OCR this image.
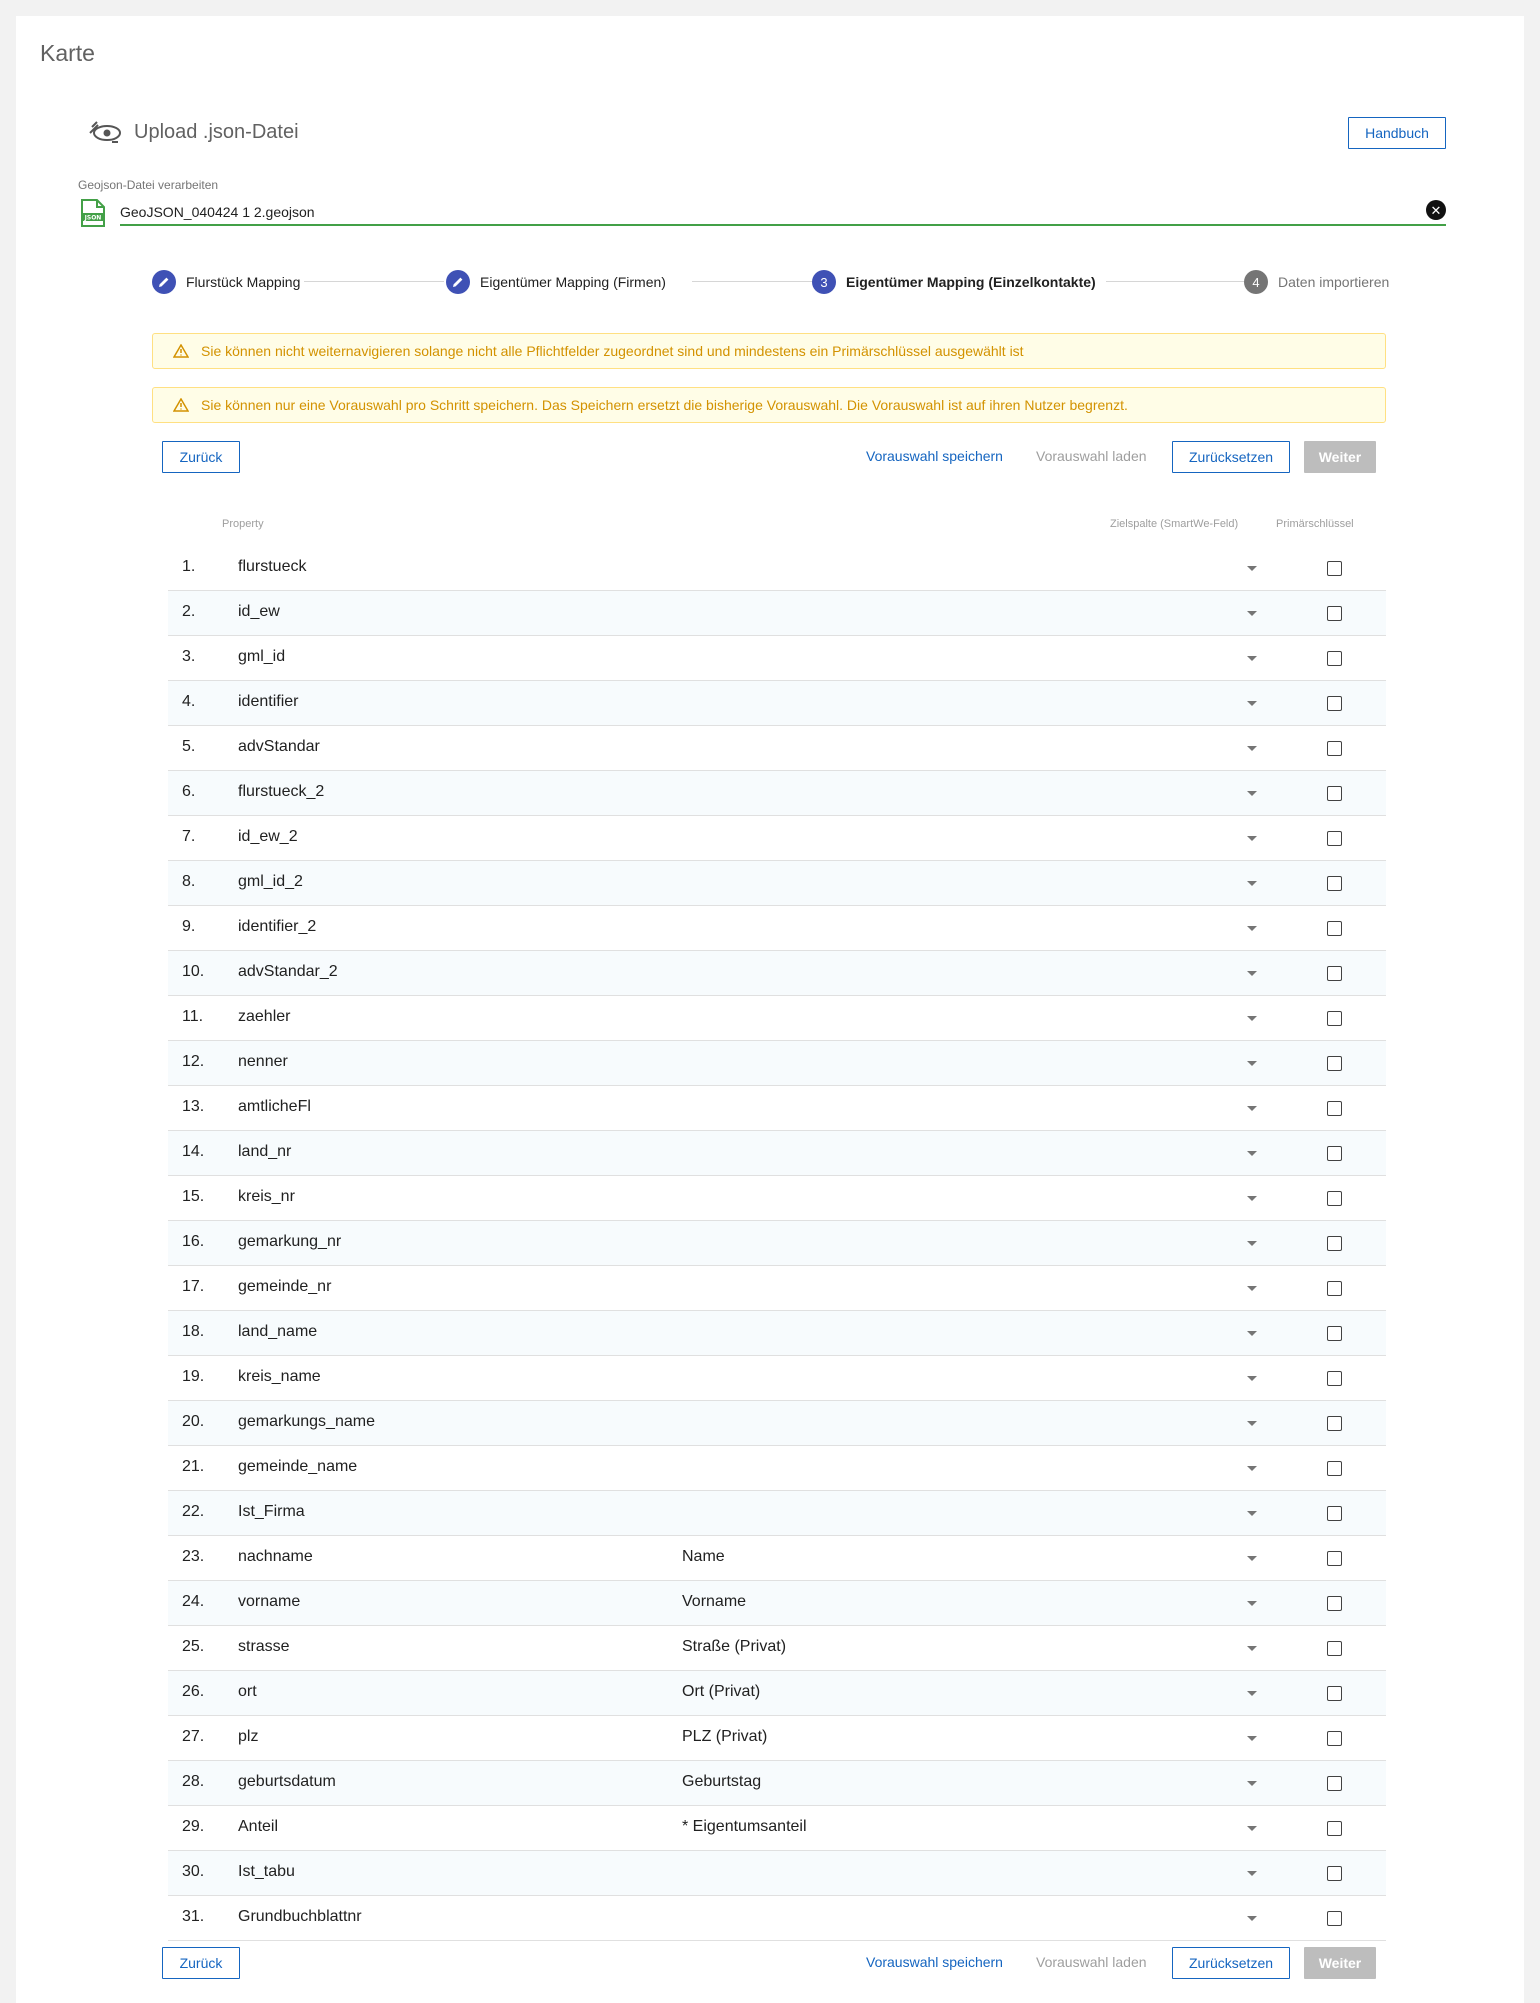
Karte
Upload .json-Datei	Handbuch
Geojson-Datei verarbeiten
JSON GeoJSON_040424 1 2.geojson	✕
Flurstück Mapping	Eigentümer Mapping (Firmen)	3	Eigentümer Mapping (Einzelkontakte)	4	Daten importieren
Sie können nicht weiternavigieren solange nicht alle Pflichtfelder zugeordnet sind und mindestens ein Primärschlüssel ausgewählt ist
Sie können nur eine Vorauswahl pro Schritt speichern. Das Speichern ersetzt die bisherige Vorauswahl. Die Vorauswahl ist auf ihren Nutzer begrenzt.
Zurück	Vorauswahl speichern Vorauswahl laden	Zurücksetzen	Weiter
Property	Zielspalte (SmartWe-Feld)	Primärschlüssel
1.	flurstueck
2.	id_ew
3.	gml_id
4.	identifier
5.	advStandar
6.	flurstueck_2
7.	id_ew_2
8.	gml_id_2
9.	identifier_2
10. advStandar_2
11. zaehler
12. nenner
13. amtlicheFl
14. land_nr
15. kreis_nr
16. gemarkung_nr
17. gemeinde_nr
18. land_name
19. kreis_name
20. gemarkungs_name
21. gemeinde_name
22. Ist_Firma
23. nachname	Name
24. vorname	Vorname
25. strasse	Straße (Privat)
26. ort	Ort (Privat)
27. plz	PLZ (Privat)
28. geburtsdatum	Geburtstag
29. Anteil	* Eigentumsanteil
30. Ist_tabu
31. Grundbuchblattnr
Zurück	Vorauswahl speichern Vorauswahl laden	Zurücksetzen	Weiter
